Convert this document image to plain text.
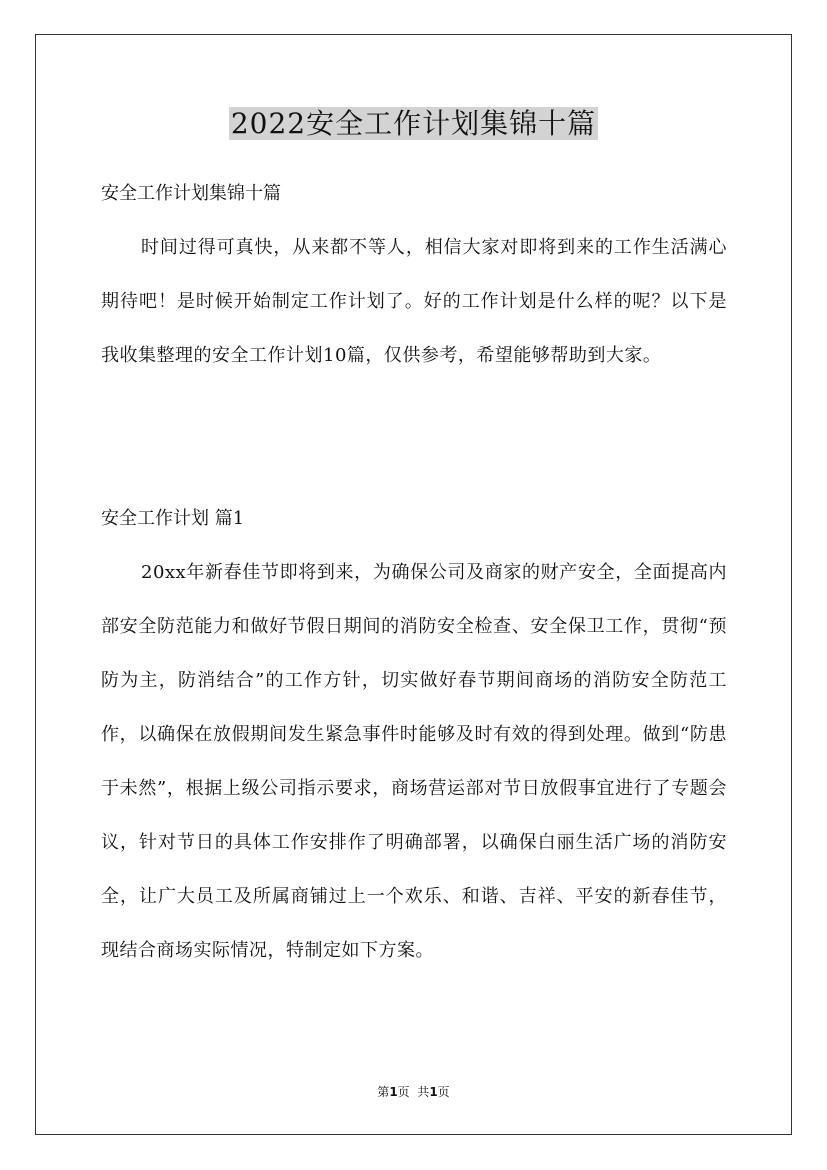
2022安全工作计划集锦十篇
安全工作计划集锦十篇
时间过得可真快，从来都不等人，相信大家对即将到来的工作生活满心期待吧！是时候开始制定工作计划了。好的工作计划是什么样的呢？以下是我收集整理的安全工作计划10篇，仅供参考，希望能够帮助到大家。
安全工作计划 篇1
20xx年新春佳节即将到来，为确保公司及商家的财产安全，全面提高内部安全防范能力和做好节假日期间的消防安全检查、安全保卫工作，贯彻“预防为主，防消结合”的工作方针，切实做好春节期间商场的消防安全防范工作，以确保在放假期间发生紧急事件时能够及时有效的得到处理。做到“防患于未然”，根据上级公司指示要求，商场营运部对节日放假事宜进行了专题会议，针对节日的具体工作安排作了明确部署，以确保白丽生活广场的消防安全，让广大员工及所属商铺过上一个欢乐、和谐、吉祥、平安的新春佳节，现结合商场实际情况，特制定如下方案。
第1页  共1页
